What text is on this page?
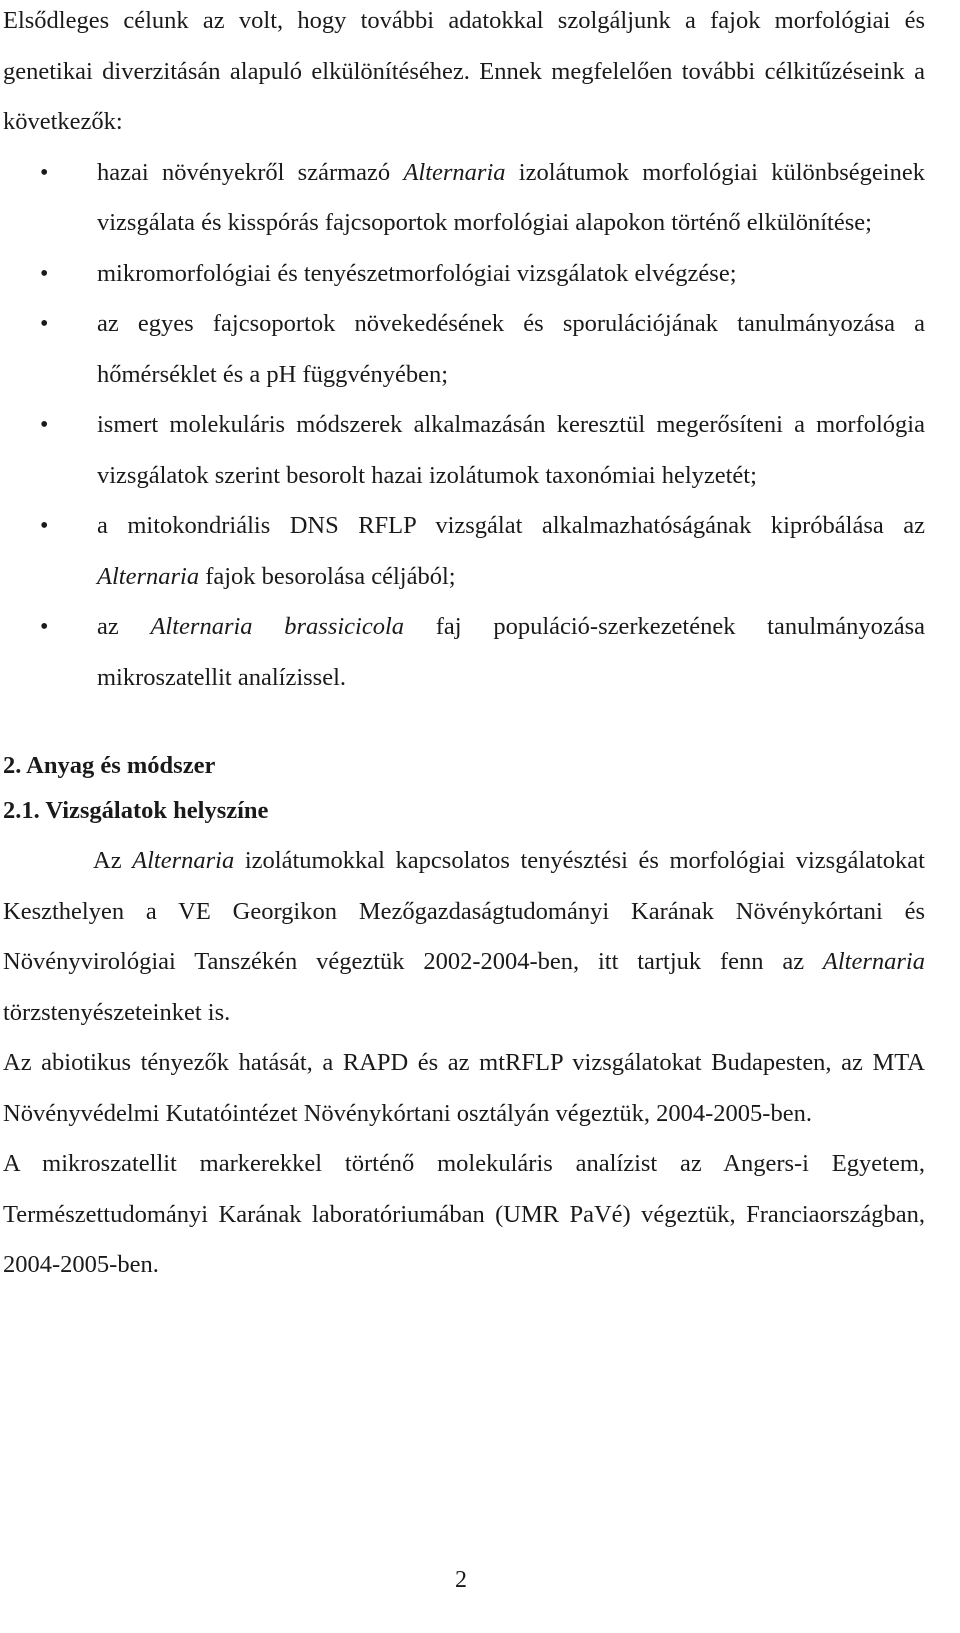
Elsődleges célunk az volt, hogy további adatokkal szolgáljunk a fajok morfológiai és genetikai diverzitásán alapuló elkülönítéséhez. Ennek megfelelően további célkitűzéseink a következők:

• hazai növényekről származó Alternaria izolátumok morfológiai különbségeinek vizsgálata és kisspórás fajcsoportok morfológiai alapokon történő elkülönítése;
• mikromorfológiai és tenyészetmorfológiai vizsgálatok elvégzése;
• az egyes fajcsoportok növekedésének és sporulációjának tanulmányozása a hőmérséklet és a pH függvényében;
• ismert molekuláris módszerek alkalmazásán keresztül megerősíteni a morfológia vizsgálatok szerint besorolt hazai izolátumok taxonómiai helyzetét;
• a mitokondriális DNS RFLP vizsgálat alkalmazhatóságának kipróbálása az Alternaria fajok besorolása céljából;
• az Alternaria brassicicola faj populáció-szerkezetének tanulmányozása mikroszatellit analízissel.
2. Anyag és módszer
2.1. Vizsgálatok helyszíne

Az Alternaria izolátumokkal kapcsolatos tenyésztési és morfológiai vizsgálatokat Keszthelyen a VE Georgikon Mezőgazdaságtudományi Karának Növénykórtani és Növényvirológiai Tanszékén végeztük 2002-2004-ben, itt tartjuk fenn az Alternaria törzstenyészeteinket is.

Az abiotikus tényezők hatását, a RAPD és az mtRFLP vizsgálatokat Budapesten, az MTA Növényvédelmi Kutatóintézet Növénykórtani osztályán végeztük, 2004-2005-ben.

A mikroszatellit markerekkel történő molekuláris analízist az Angers-i Egyetem, Természettudományi Karának laboratóriumában (UMR PaVé) végeztük, Franciaországban, 2004-2005-ben.

2
